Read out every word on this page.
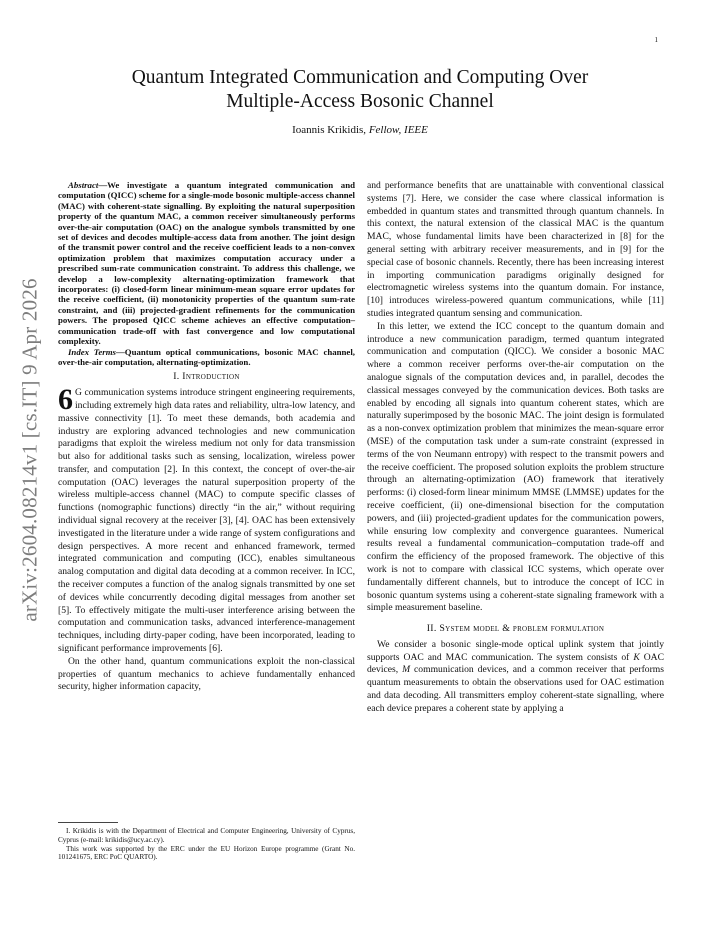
1
arXiv:2604.08214v1 [cs.IT] 9 Apr 2026
Quantum Integrated Communication and Computing Over
Multiple-Access Bosonic Channel
Ioannis Krikidis, Fellow, IEEE

Abstract—We investigate a quantum integrated communication and computation (QICC) scheme for a single-mode bosonic multiple-access channel (MAC) with coherent-state signalling. By exploiting the natural superposition property of the quantum MAC, a common receiver simultaneously performs over-the-air computation (OAC) on the analogue symbols transmitted by one set of devices and decodes multiple-access data from another. The joint design of the transmit power control and the receive coefficient leads to a non-convex optimization problem that maximizes computation accuracy under a prescribed sum-rate communication constraint. To address this challenge, we develop a low-complexity alternating-optimization framework that incorporates: (i) closed-form linear minimum-mean square error updates for the receive coefficient, (ii) monotonicity properties of the quantum sum-rate constraint, and (iii) projected-gradient refinements for the communication powers. The proposed QICC scheme achieves an effective computation–communication trade-off with fast convergence and low computational complexity.

Index Terms—Quantum optical communications, bosonic MAC channel, over-the-air computation, alternating-optimization.

I. Introduction

6 G communication systems introduce stringent engineering requirements, including extremely high data rates and reliability, ultra-low latency, and massive connectivity [1]. To meet these demands, both academia and industry are exploring advanced technologies and new communication paradigms that exploit the wireless medium not only for data transmission but also for additional tasks such as sensing, localization, wireless power transfer, and computation [2]. In this context, the concept of over-the-air computation (OAC) leverages the natural superposition property of the wireless multiple-access channel (MAC) to compute specific classes of functions (nomographic functions) directly “in the air,” without requiring individual signal recovery at the receiver [3], [4]. OAC has been extensively investigated in the literature under a wide range of system configurations and design perspectives. A more recent and enhanced framework, termed integrated communication and computing (ICC), enables simultaneous analog computation and digital data decoding at a common receiver. In ICC, the receiver computes a function of the analog signals transmitted by one set of devices while concurrently decoding digital messages from another set [5]. To effectively mitigate the multi-user interference arising between the computation and communication tasks, advanced interference-management techniques, including dirty-paper coding, have been incorporated, leading to significant performance improvements [6].

On the other hand, quantum communications exploit the non-classical properties of quantum mechanics to achieve fundamentally enhanced security, higher information capacity,

and performance benefits that are unattainable with conventional classical systems [7]. Here, we consider the case where classical information is embedded in quantum states and transmitted through quantum channels. In this context, the natural extension of the classical MAC is the quantum MAC, whose fundamental limits have been characterized in [8] for the general setting with arbitrary receiver measurements, and in [9] for the special case of bosonic channels. Recently, there has been increasing interest in importing communication paradigms originally designed for electromagnetic wireless systems into the quantum domain. For instance, [10] introduces wireless-powered quantum communications, while [11] studies integrated quantum sensing and communication.

In this letter, we extend the ICC concept to the quantum domain and introduce a new communication paradigm, termed quantum integrated communication and computation (QICC). We consider a bosonic MAC where a common receiver performs over-the-air computation on the analogue signals of the computation devices and, in parallel, decodes the classical messages conveyed by the communication devices. Both tasks are enabled by encoding all signals into quantum coherent states, which are naturally superimposed by the bosonic MAC. The joint design is formulated as a non-convex optimization problem that minimizes the mean-square error (MSE) of the computation task under a sum-rate constraint (expressed in terms of the von Neumann entropy) with respect to the transmit powers and the receive coefficient. The proposed solution exploits the problem structure through an alternating-optimization (AO) framework that iteratively performs: (i) closed-form linear minimum MMSE (LMMSE) updates for the receive coefficient, (ii) one-dimensional bisection for the computation powers, and (iii) projected-gradient updates for the communication powers, while ensuring low complexity and convergence guarantees. Numerical results reveal a fundamental communication–computation trade-off and confirm the efficiency of the proposed framework. The objective of this work is not to compare with classical ICC systems, which operate over fundamentally different channels, but to introduce the concept of ICC in bosonic quantum systems using a coherent-state signaling framework with a simple measurement baseline.

II. System model & problem formulation

We consider a bosonic single-mode optical uplink system that jointly supports OAC and MAC communication. The system consists of K OAC devices, M communication devices, and a common receiver that performs quantum measurements to obtain the observations used for OAC estimation and data decoding. All transmitters employ coherent-state signalling, where each device prepares a coherent state by applying a

I. Krikidis is with the Department of Electrical and Computer Engineering, University of Cyprus, Cyprus (e-mail: krikidis@ucy.ac.cy).

This work was supported by the ERC under the EU Horizon Europe programme (Grant No. 101241675, ERC PoC QUARTO).
